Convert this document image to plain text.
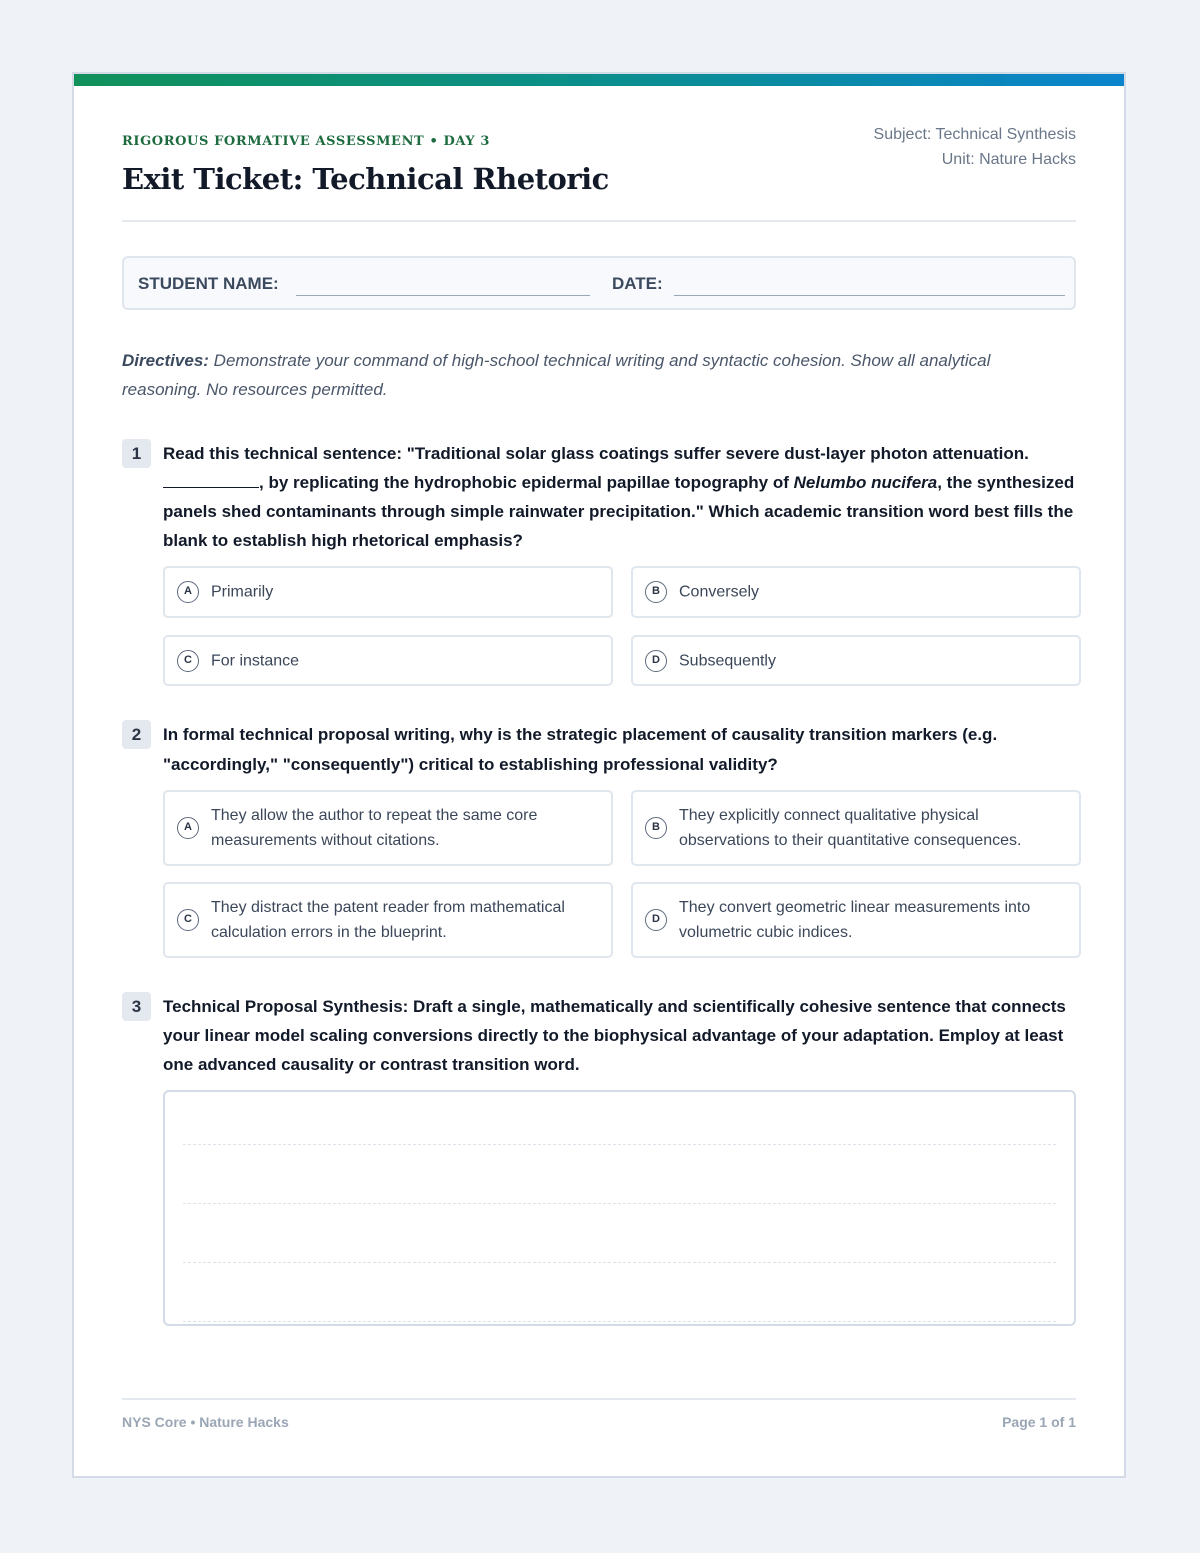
RIGOROUS FORMATIVE ASSESSMENT • DAY 3

Exit Ticket: Technical Rhetoric
Subject: Technical Synthesis
Unit: Nature Hacks
STUDENT NAME:	DATE:

Directives: Demonstrate your command of high-school technical writing and syntactic cohesion. Show all analytical reasoning. No resources permitted.

1	Read this technical sentence: "Traditional solar glass coatings suffer severe dust-layer photon attenuation. , by replicating the hydrophobic epidermal papillae topography of Nelumbo nucifera, the synthesized panels shed contaminants through simple rainwater precipitation." Which academic transition word best fills the blank to establish high rhetorical emphasis?

A	Primarily	B	Conversely
C	For instance	D	Subsequently
2	In formal technical proposal writing, why is the strategic placement of causality transition markers (e.g. "accordingly," "consequently") critical to establishing professional validity?

A
They allow the author to repeat the same core measurements without citations.
B
They explicitly connect qualitative physical observations to their quantitative consequences.
C
They distract the patent reader from mathematical calculation errors in the blueprint.
D
They convert geometric linear measurements into volumetric cubic indices.
3	Technical Proposal Synthesis: Draft a single, mathematically and scientifically cohesive sentence that connects your linear model scaling conversions directly to the biophysical advantage of your adaptation. Employ at least one advanced causality or contrast transition word.

NYS Core • Nature Hacks	Page 1 of 1
